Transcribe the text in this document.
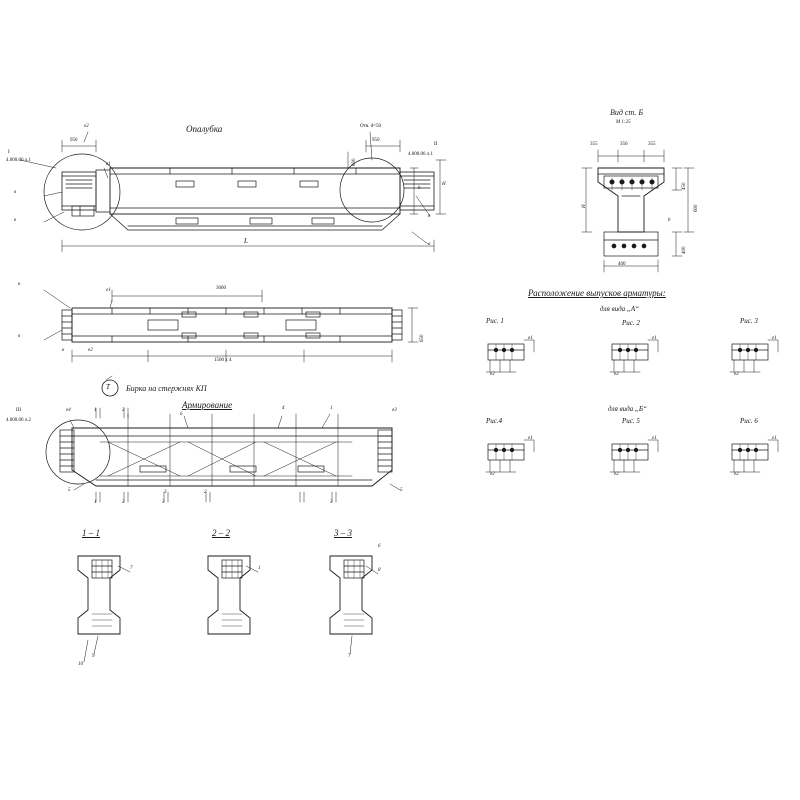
Опалубка
I
4.000.06 л.1
II
4.000.06 л.1
Отв. d=50
950	950
L
600
H
h
е2
е1
в
в
в
а
3000
1500 х 4
650
е1
е2
в
в
в
Т Бирка на стержнях КП
Армирование
III
4.000.06 л.2
е4	е3
1
2
3
4
6
5	5
1	2
1	2	3	3
Вид ст. Б
М 1:25
355	350	355
600
450
400
400
H
h
Расположение выпусков арматуры:
для вида „А“
для вида „Б“
Рис. 1	Рис. 2	Рис. 3
Рис.4	Рис. 5	Рис. 6
е1
е2
е1
е2
е1
е2
е1
е2
е1
е2
е1
е2
1 – 1	2 – 2	3 – 3
7
9
10
1
6
8
7
